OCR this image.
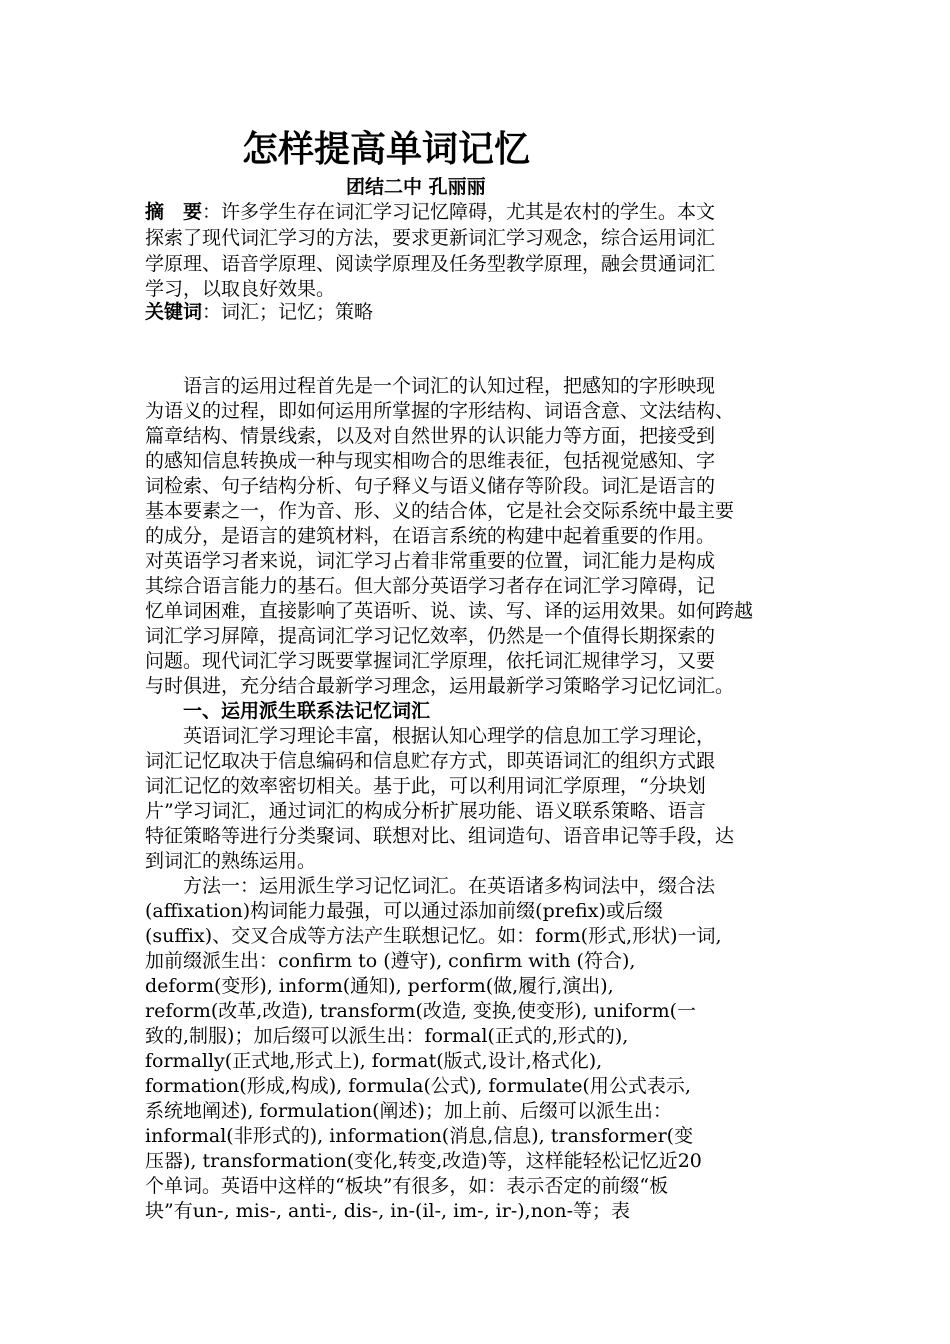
怎样提高单词记忆
团结二中 孔丽丽
摘　要：许多学生存在词汇学习记忆障碍，尤其是农村的学生。本文
探索了现代词汇学习的方法，要求更新词汇学习观念，综合运用词汇
学原理、语音学原理、阅读学原理及任务型教学原理，融会贯通词汇
学习，以取良好效果。
关键词：词汇；记忆；策略
　　语言的运用过程首先是一个词汇的认知过程，把感知的字形映现
为语义的过程，即如何运用所掌握的字形结构、词语含意、文法结构、
篇章结构、情景线索，以及对自然世界的认识能力等方面，把接受到
的感知信息转换成一种与现实相吻合的思维表征，包括视觉感知、字
词检索、句子结构分析、句子释义与语义储存等阶段。词汇是语言的
基本要素之一，作为音、形、义的结合体，它是社会交际系统中最主要
的成分，是语言的建筑材料，在语言系统的构建中起着重要的作用。
对英语学习者来说，词汇学习占着非常重要的位置，词汇能力是构成
其综合语言能力的基石。但大部分英语学习者存在词汇学习障碍，记
忆单词困难，直接影响了英语听、说、读、写、译的运用效果。如何跨越
词汇学习屏障，提高词汇学习记忆效率，仍然是一个值得长期探索的
问题。现代词汇学习既要掌握词汇学原理，依托词汇规律学习，又要
与时俱进，充分结合最新学习理念，运用最新学习策略学习记忆词汇。
　　一、运用派生联系法记忆词汇
　　英语词汇学习理论丰富，根据认知心理学的信息加工学习理论，
词汇记忆取决于信息编码和信息贮存方式，即英语词汇的组织方式跟
词汇记忆的效率密切相关。基于此，可以利用词汇学原理，“分块划
片”学习词汇，通过词汇的构成分析扩展功能、语义联系策略、语言
特征策略等进行分类聚词、联想对比、组词造句、语音串记等手段，达
到词汇的熟练运用。
　　方法一：运用派生学习记忆词汇。在英语诸多构词法中，缀合法
(affixation)构词能力最强，可以通过添加前缀(prefix)或后缀
(suffix)、交叉合成等方法产生联想记忆。如：form(形式,形状)一词,
加前缀派生出：confirm to (遵守), confirm with (符合),
deform(变形), inform(通知), perform(做,履行,演出),
reform(改革,改造), transform(改造, 变换,使变形), uniform(一
致的,制服)；加后缀可以派生出：formal(正式的,形式的),
formally(正式地,形式上), format(版式,设计,格式化),
formation(形成,构成), formula(公式), formulate(用公式表示,
系统地阐述), formulation(阐述)；加上前、后缀可以派生出：
informal(非形式的), information(消息,信息), transformer(变
压器), transformation(变化,转变,改造)等，这样能轻松记忆近20
个单词。英语中这样的“板块”有很多，如：表示否定的前缀“板
块”有un-, mis-, anti-, dis-, in-(il-, im-, ir-),non-等；表
